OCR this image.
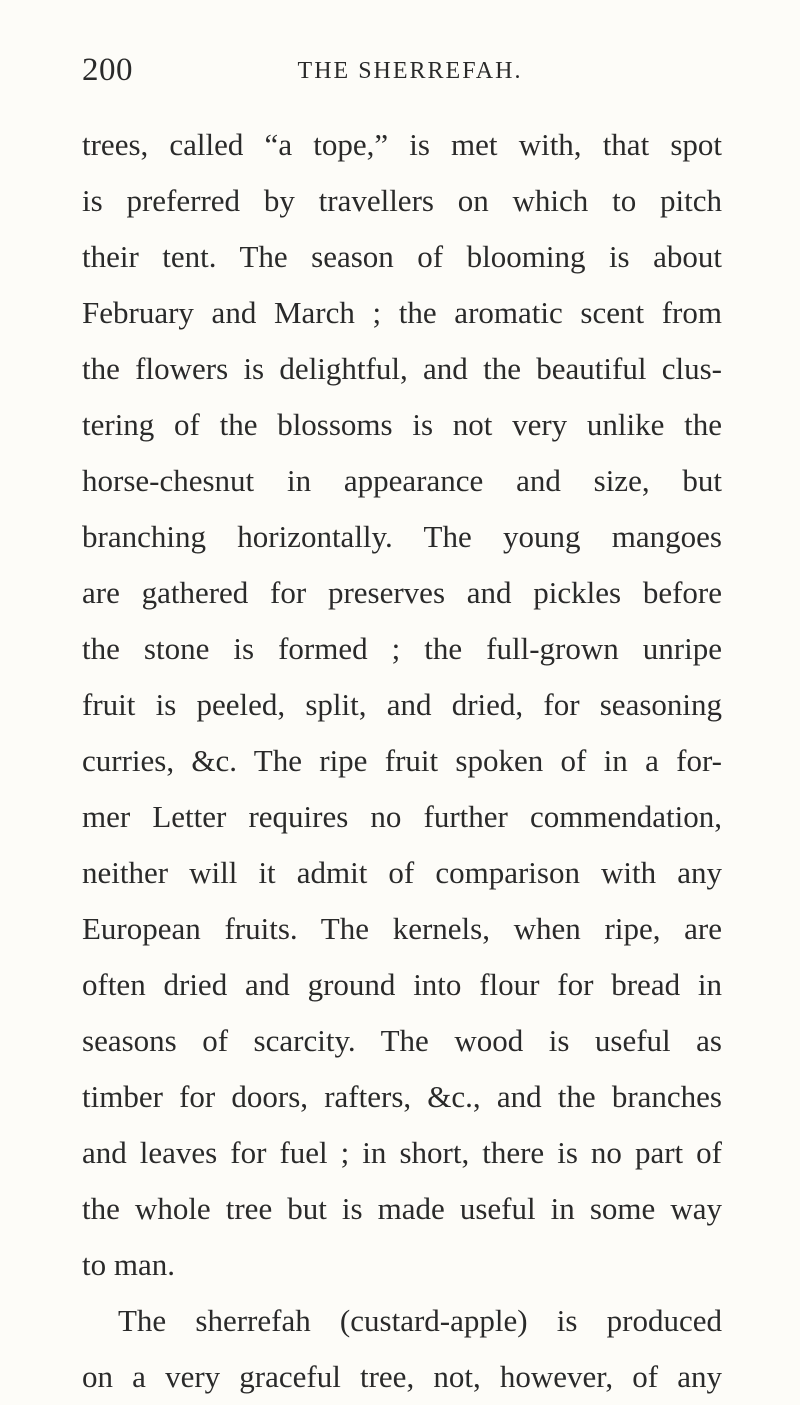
200	THE SHERREFAH.
trees, called “a tope,” is met with, that spot
is preferred by travellers on which to pitch
their tent. The season of blooming is about
February and March ; the aromatic scent from
the flowers is delightful, and the beautiful clus-
tering of the blossoms is not very unlike the
horse-chesnut in appearance and size, but
branching horizontally. The young mangoes
are gathered for preserves and pickles before
the stone is formed ; the full-grown unripe
fruit is peeled, split, and dried, for seasoning
curries, &c. The ripe fruit spoken of in a for-
mer Letter requires no further commendation,
neither will it admit of comparison with any
European fruits. The kernels, when ripe, are
often dried and ground into flour for bread in
seasons of scarcity. The wood is useful as
timber for doors, rafters, &c., and the branches
and leaves for fuel ; in short, there is no part of
the whole tree but is made useful in some way
to man.
The sherrefah (custard-apple) is produced
on a very graceful tree, not, however, of any
